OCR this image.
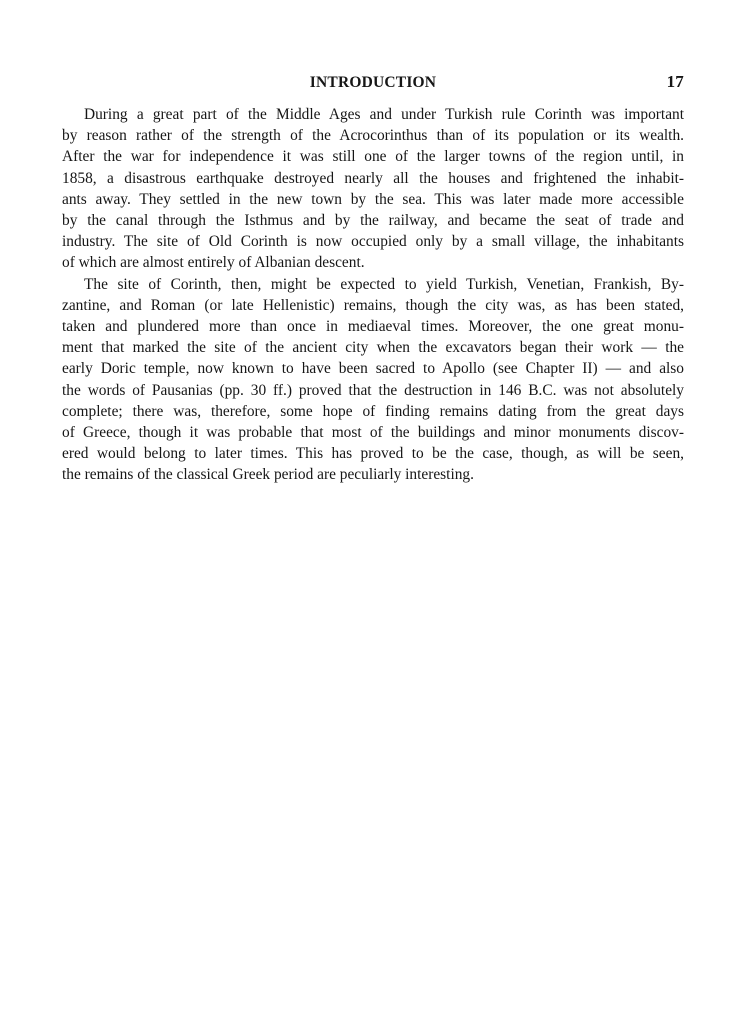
INTRODUCTION	17
During a great part of the Middle Ages and under Turkish rule Corinth was important
by reason rather of the strength of the Acrocorinthus than of its population or its wealth.
After the war for independence it was still one of the larger towns of the region until, in
1858, a disastrous earthquake destroyed nearly all the houses and frightened the inhabit-
ants away. They settled in the new town by the sea. This was later made more accessible
by the canal through the Isthmus and by the railway, and became the seat of trade and
industry. The site of Old Corinth is now occupied only by a small village, the inhabitants
of which are almost entirely of Albanian descent.
The site of Corinth, then, might be expected to yield Turkish, Venetian, Frankish, By-
zantine, and Roman (or late Hellenistic) remains, though the city was, as has been stated,
taken and plundered more than once in mediaeval times. Moreover, the one great monu-
ment that marked the site of the ancient city when the excavators began their work — the
early Doric temple, now known to have been sacred to Apollo (see Chapter II) — and also
the words of Pausanias (pp. 30 ff.) proved that the destruction in 146 B.C. was not absolutely
complete; there was, therefore, some hope of finding remains dating from the great days
of Greece, though it was probable that most of the buildings and minor monuments discov-
ered would belong to later times. This has proved to be the case, though, as will be seen,
the remains of the classical Greek period are peculiarly interesting.
